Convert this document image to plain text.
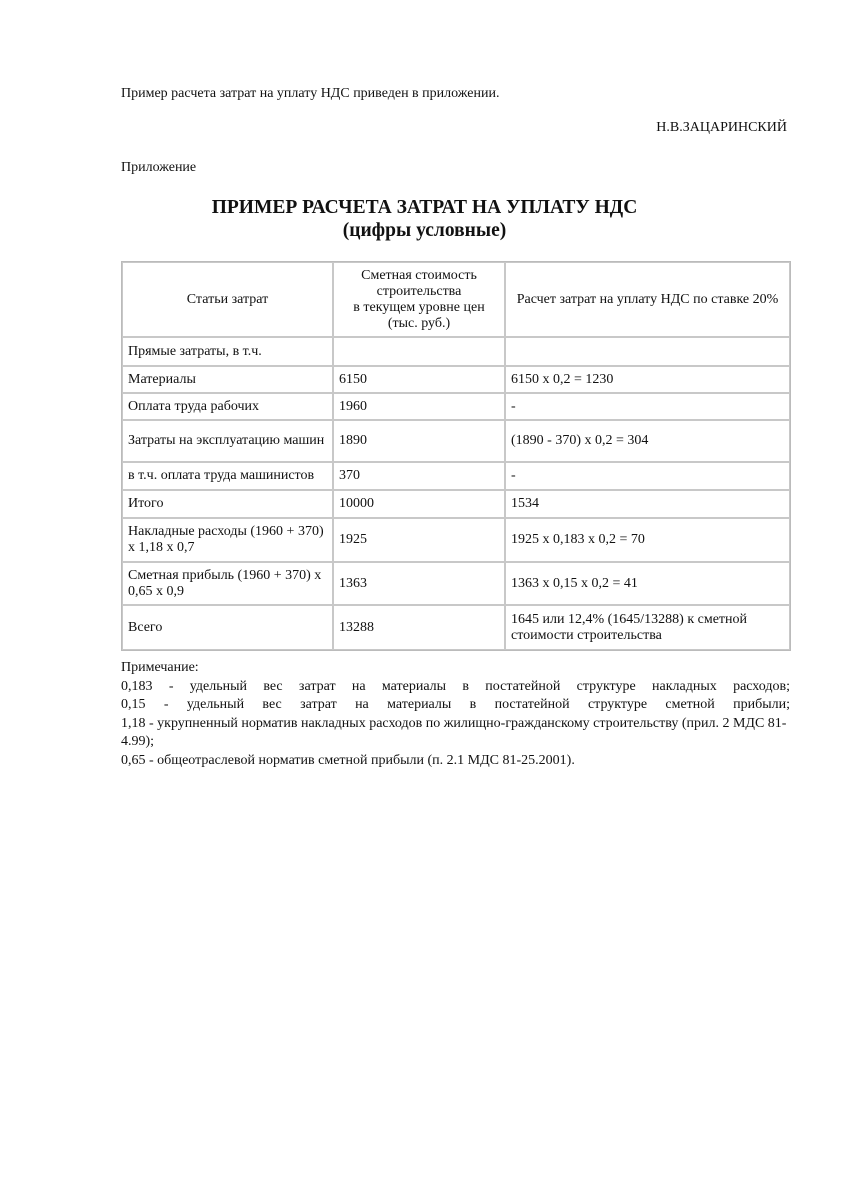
Пример расчета затрат на уплату НДС приведен в приложении.
Н.В.ЗАЦАРИНСКИЙ
Приложение
ПРИМЕР РАСЧЕТА ЗАТРАТ НА УПЛАТУ НДС
(цифры условные)
Статьи затрат	Сметная стоимость строительства
в текущем уровне цен
(тыс. руб.)	Расчет затрат на уплату НДС по ставке 20%
Прямые затраты, в т.ч.		
Материалы	6150	6150 х 0,2 = 1230
Оплата труда рабочих	1960	-
Затраты на эксплуатацию машин	1890	(1890 - 370) х 0,2 = 304
в т.ч. оплата труда машинистов	370	-
Итого	10000	1534
Накладные расходы (1960 + 370) х 1,18 х 0,7	1925	1925 х 0,183 х 0,2 = 70
Сметная прибыль (1960 + 370) х 0,65 х 0,9	1363	1363 х 0,15 х 0,2 = 41
Всего	13288	1645 или 12,4% (1645/13288) к сметной стоимости строительства
Примечание:
0,183 - удельный вес затрат на материалы в постатейной структуре накладных расходов;
0,15 - удельный вес затрат на материалы в постатейной структуре сметной прибыли;
1,18 - укрупненный норматив накладных расходов по жилищно-гражданскому строительству (прил. 2 МДС 81-4.99);
0,65 - общеотраслевой норматив сметной прибыли (п. 2.1 МДС 81-25.2001).
